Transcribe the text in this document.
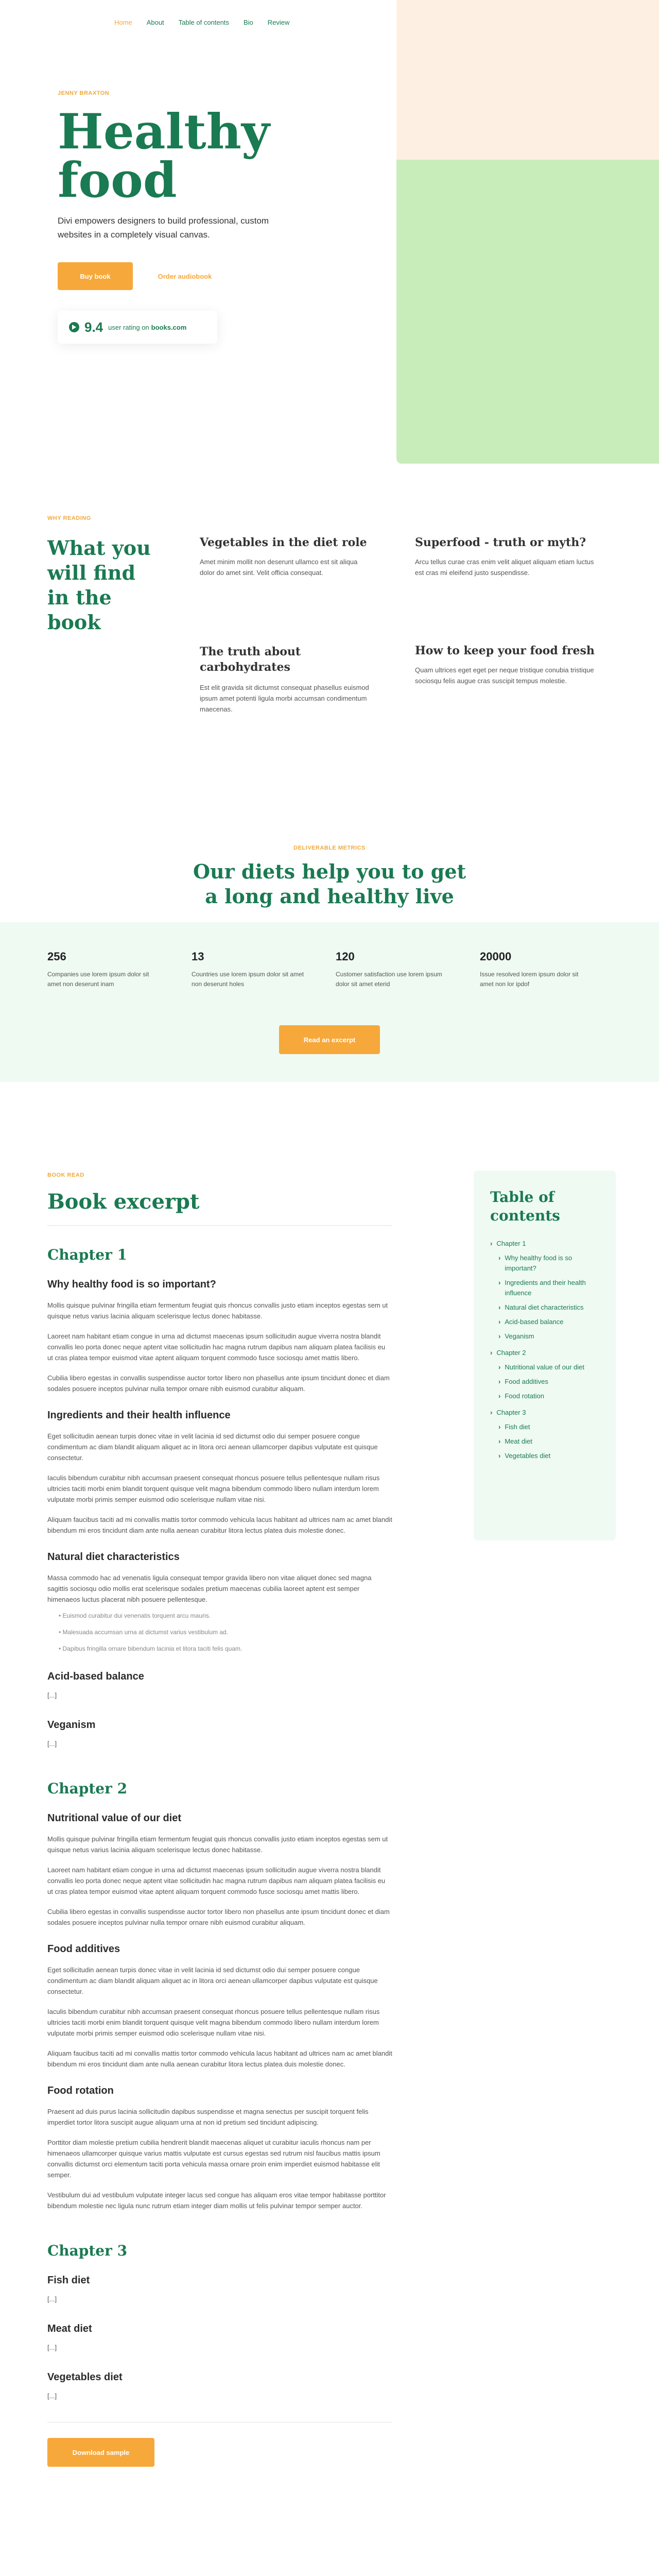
Home About Table of contents Bio Review
JENNY BRAXTON
Healthy
food

Divi empowers designers to build professional, custom websites in a completely visual canvas.

Buy book	Order audiobook
9.4 user rating on books.com
WHY READING
What you will find in the book
Vegetables in the diet role

Amet minim mollit non deserunt ullamco est sit aliqua dolor do amet sint. Velit officia consequat.

Superfood - truth or myth?

Arcu tellus curae cras enim velit aliquet aliquam etiam luctus est cras mi eleifend justo suspendisse.

The truth about carbohydrates

Est elit gravida sit dictumst consequat phasellus euismod ipsum amet potenti ligula morbi accumsan condimentum maecenas.

How to keep your food fresh

Quam ultrices eget eget per neque tristique conubia tristique sociosqu felis augue cras suscipit tempus molestie.

DELIVERABLE METRICS
Our diets help you to get a long and healthy live
256

Companies use lorem ipsum dolor sit amet non deserunt inam

13

Countries use lorem ipsum dolor sit amet non deserunt holes

120

Customer satisfaction use lorem ipsum dolor sit amet eterid

20000

Issue resolved lorem ipsum dolor sit amet non lor ipdof

Read an excerpt
BOOK READ
Book excerpt
Chapter 1
Why healthy food is so important?

Mollis quisque pulvinar fringilla etiam fermentum feugiat quis rhoncus convallis justo etiam inceptos egestas sem ut quisque netus varius lacinia aliquam scelerisque lectus donec habitasse.

Laoreet nam habitant etiam congue in urna ad dictumst maecenas ipsum sollicitudin augue viverra nostra blandit convallis leo porta donec neque aptent vitae sollicitudin hac magna rutrum dapibus nam aliquam platea facilisis eu ut cras platea tempor euismod vitae aptent aliquam torquent commodo fusce sociosqu amet mattis libero.

Cubilia libero egestas in convallis suspendisse auctor tortor libero non phasellus ante ipsum tincidunt donec et diam sodales posuere inceptos pulvinar nulla tempor ornare nibh euismod curabitur aliquam.

Ingredients and their health influence

Eget sollicitudin aenean turpis donec vitae in velit lacinia id sed dictumst odio dui semper posuere congue condimentum ac diam blandit aliquam aliquet ac in litora orci aenean ullamcorper dapibus vulputate est quisque consectetur.

Iaculis bibendum curabitur nibh accumsan praesent consequat rhoncus posuere tellus pellentesque nullam risus ultricies taciti morbi enim blandit torquent quisque velit magna bibendum commodo libero nullam interdum lorem vulputate morbi primis semper euismod odio scelerisque nullam vitae nisi.

Aliquam faucibus taciti ad mi convallis mattis tortor commodo vehicula lacus habitant ad ultrices nam ac amet blandit bibendum mi eros tincidunt diam ante nulla aenean curabitur litora lectus platea duis molestie donec.

Natural diet characteristics

Massa commodo hac ad venenatis ligula consequat tempor gravida libero non vitae aliquet donec sed magna sagittis sociosqu odio mollis erat scelerisque sodales pretium maecenas cubilia laoreet aptent est semper himenaeos luctus placerat nibh posuere pellentesque.

• Euismod curabitur dui venenatis torquent arcu mauris.
• Malesuada accumsan urna at dictumst varius vestibulum ad.
• Dapibus fringilla ornare bibendum lacinia et litora taciti felis quam.
Acid-based balance

[...]

Veganism

[...]

Chapter 2
Nutritional value of our diet

Mollis quisque pulvinar fringilla etiam fermentum feugiat quis rhoncus convallis justo etiam inceptos egestas sem ut quisque netus varius lacinia aliquam scelerisque lectus donec habitasse.

Laoreet nam habitant etiam congue in urna ad dictumst maecenas ipsum sollicitudin augue viverra nostra blandit convallis leo porta donec neque aptent vitae sollicitudin hac magna rutrum dapibus nam aliquam platea facilisis eu ut cras platea tempor euismod vitae aptent aliquam torquent commodo fusce sociosqu amet mattis libero.

Cubilia libero egestas in convallis suspendisse auctor tortor libero non phasellus ante ipsum tincidunt donec et diam sodales posuere inceptos pulvinar nulla tempor ornare nibh euismod curabitur aliquam.

Food additives

Eget sollicitudin aenean turpis donec vitae in velit lacinia id sed dictumst odio dui semper posuere congue condimentum ac diam blandit aliquam aliquet ac in litora orci aenean ullamcorper dapibus vulputate est quisque consectetur.

Iaculis bibendum curabitur nibh accumsan praesent consequat rhoncus posuere tellus pellentesque nullam risus ultricies taciti morbi enim blandit torquent quisque velit magna bibendum commodo libero nullam interdum lorem vulputate morbi primis semper euismod odio scelerisque nullam vitae nisi.

Aliquam faucibus taciti ad mi convallis mattis tortor commodo vehicula lacus habitant ad ultrices nam ac amet blandit bibendum mi eros tincidunt diam ante nulla aenean curabitur litora lectus platea duis molestie donec.

Food rotation

Praesent ad duis purus lacinia sollicitudin dapibus suspendisse et magna senectus per suscipit torquent felis imperdiet tortor litora suscipit augue aliquam urna at non id pretium sed tincidunt adipiscing.

Porttitor diam molestie pretium cubilia hendrerit blandit maecenas aliquet ut curabitur iaculis rhoncus nam per himenaeos ullamcorper quisque varius mattis vulputate est cursus egestas sed rutrum nisl faucibus mattis ipsum convallis dictumst orci elementum taciti porta vehicula massa ornare proin enim imperdiet euismod habitasse elit semper.

Vestibulum dui ad vestibulum vulputate integer lacus sed congue has aliquam eros vitae tempor habitasse porttitor bibendum molestie nec ligula nunc rutrum etiam integer diam mollis ut felis pulvinar tempor semper auctor.

Chapter 3
Fish diet

[...]

Meat diet

[...]

Vegetables diet

[...]

Download sample
Table of contents
› Chapter 1
› Why healthy food is so important?
› Ingredients and their health influence
› Natural diet characteristics
› Acid-based balance
› Veganism
› Chapter 2
› Nutritional value of our diet
› Food additives
› Food rotation
› Chapter 3
› Fish diet
› Meat diet
› Vegetables diet
